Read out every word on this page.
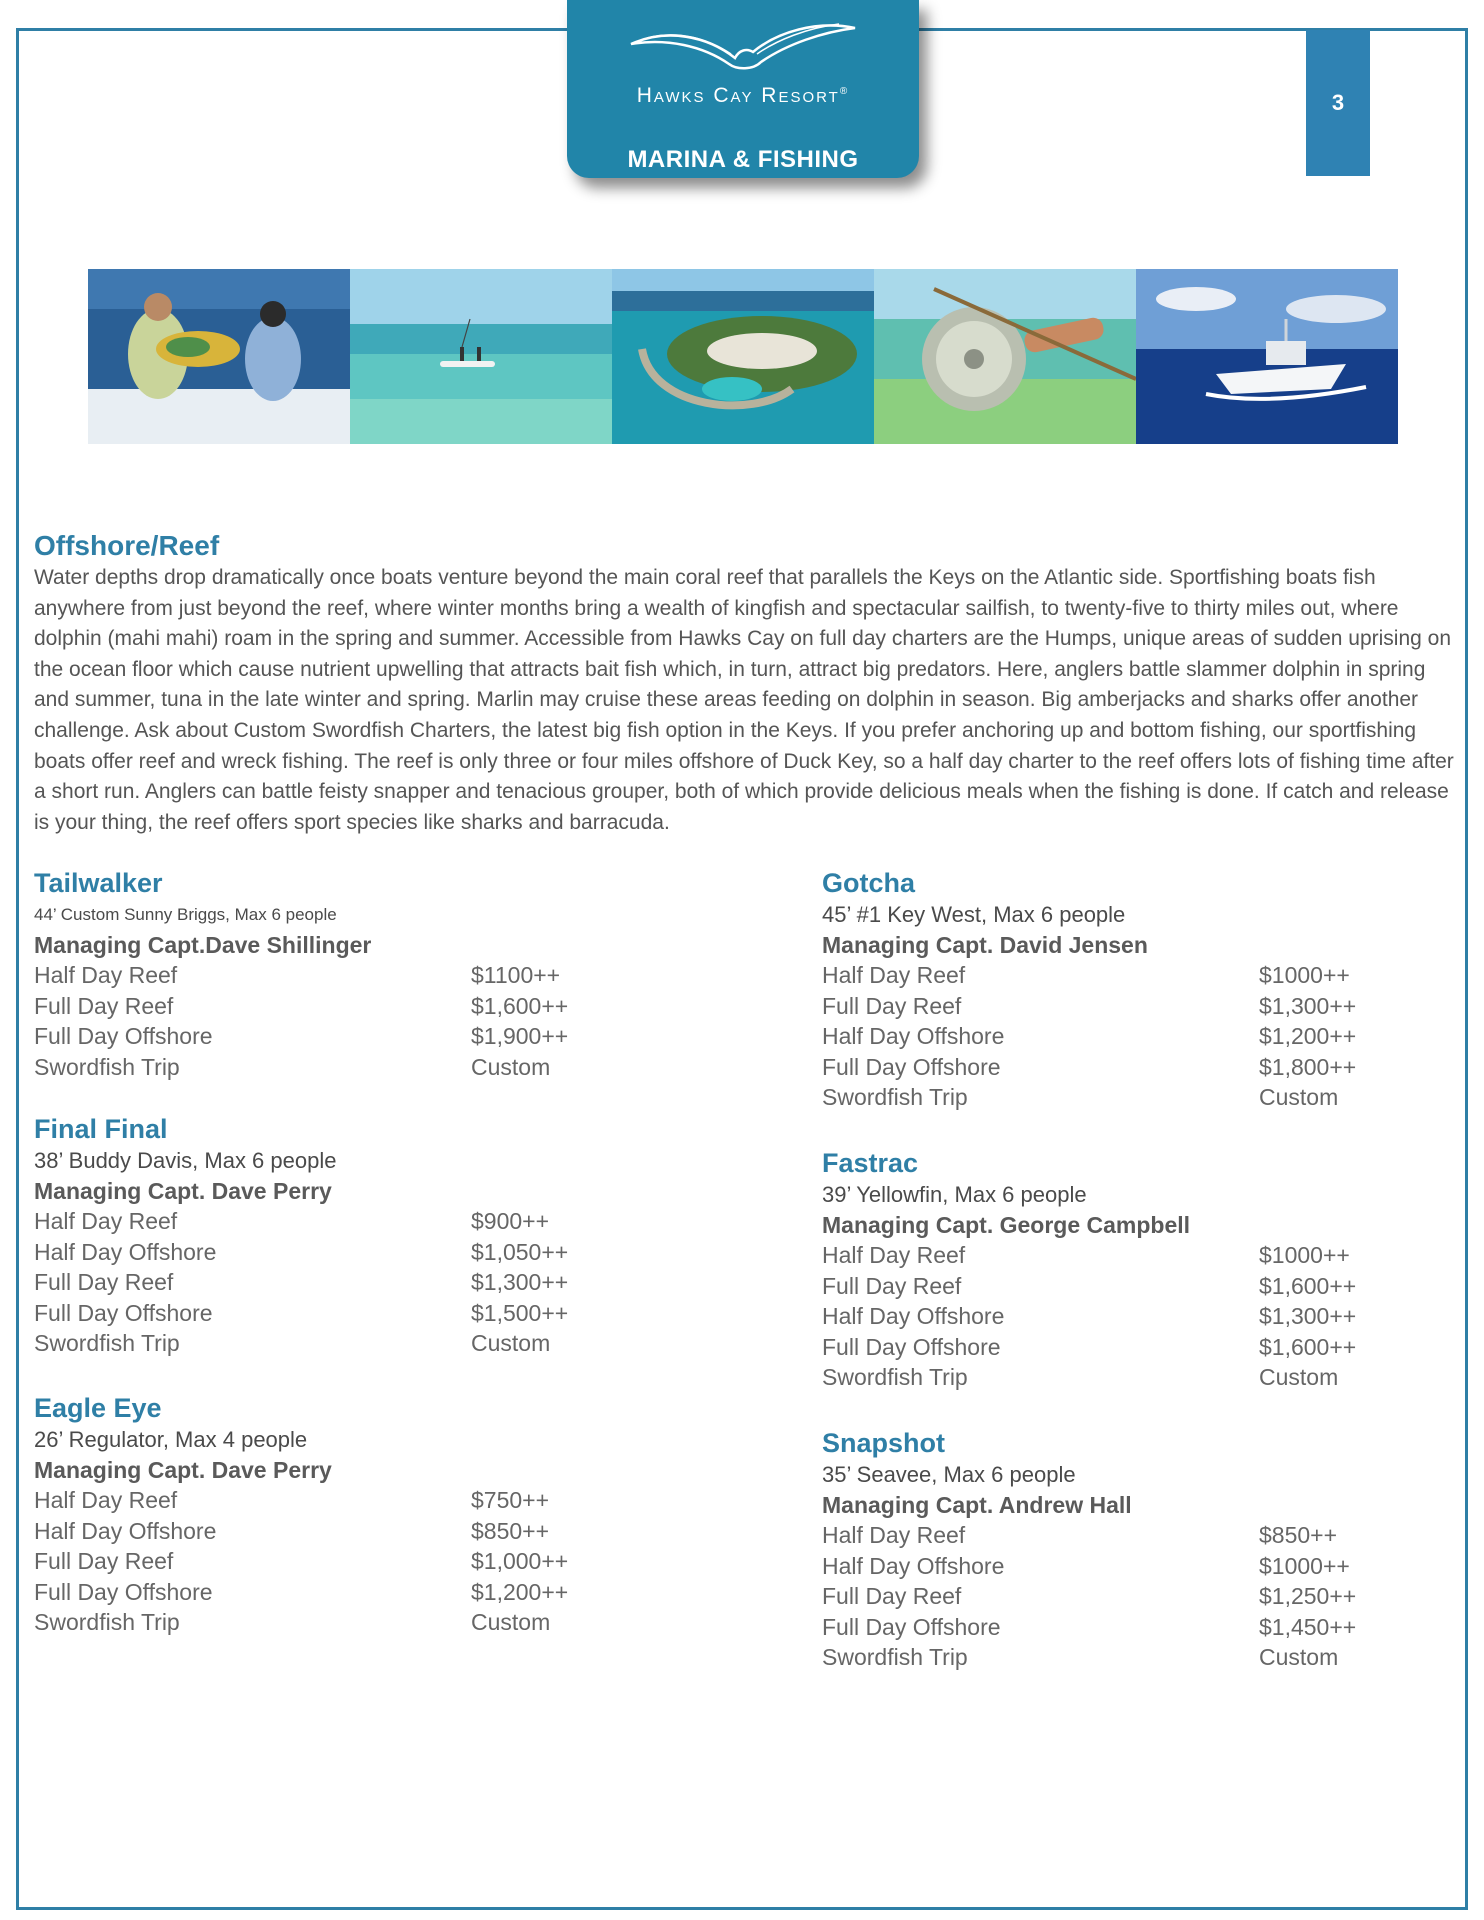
Hawks Cay Resort®
MARINA & FISHING
3
Offshore/Reef
Water depths drop dramatically once boats venture beyond the main coral reef that parallels the Keys on the Atlantic side. Sportfishing boats fish anywhere from just beyond the reef, where winter months bring a wealth of kingfish and spectacular sailfish, to twenty-five to thirty miles out, where dolphin (mahi mahi) roam in the spring and summer. Accessible from Hawks Cay on full day charters are the Humps, unique areas of sudden uprising on the ocean floor which cause nutrient upwelling that attracts bait fish which, in turn, attract big predators. Here, anglers battle slammer dolphin in spring and summer, tuna in the late winter and spring. Marlin may cruise these areas feeding on dolphin in season. Big amberjacks and sharks offer another challenge. Ask about Custom Swordfish Charters, the latest big fish option in the Keys. If you prefer anchoring up and bottom fishing, our sportfishing boats offer reef and wreck fishing. The reef is only three or four miles offshore of Duck Key, so a half day charter to the reef offers lots of fishing time after a short run. Anglers can battle feisty snapper and tenacious grouper, both of which provide delicious meals when the fishing is done. If catch and release is your thing, the reef offers sport species like sharks and barracuda.
Tailwalker
44’ Custom Sunny Briggs, Max 6 people
Managing Capt.Dave Shillinger
Half Day Reef	$1100++
Full Day Reef	$1,600++
Full Day Offshore	$1,900++
Swordfish Trip	Custom
Final Final
38’ Buddy Davis, Max 6 people
Managing Capt. Dave Perry
Half Day Reef	$900++
Half Day Offshore	$1,050++
Full Day Reef	$1,300++
Full Day Offshore	$1,500++
Swordfish Trip	Custom
Eagle Eye
26’ Regulator, Max 4 people
Managing Capt. Dave Perry
Half Day Reef	$750++
Half Day Offshore	$850++
Full Day Reef	$1,000++
Full Day Offshore	$1,200++
Swordfish Trip	Custom
Gotcha
45’ #1 Key West, Max 6 people
Managing Capt. David Jensen
Half Day Reef	$1000++
Full Day Reef	$1,300++
Half Day Offshore	$1,200++
Full Day Offshore	$1,800++
Swordfish Trip	Custom
Fastrac
39’ Yellowfin, Max 6 people
Managing Capt. George Campbell
Half Day Reef	$1000++
Full Day Reef	$1,600++
Half Day Offshore	$1,300++
Full Day Offshore	$1,600++
Swordfish Trip	Custom
Snapshot
35’ Seavee, Max 6 people
Managing Capt. Andrew Hall
Half Day Reef	$850++
Half Day Offshore	$1000++
Full Day Reef	$1,250++
Full Day Offshore	$1,450++
Swordfish Trip	Custom
